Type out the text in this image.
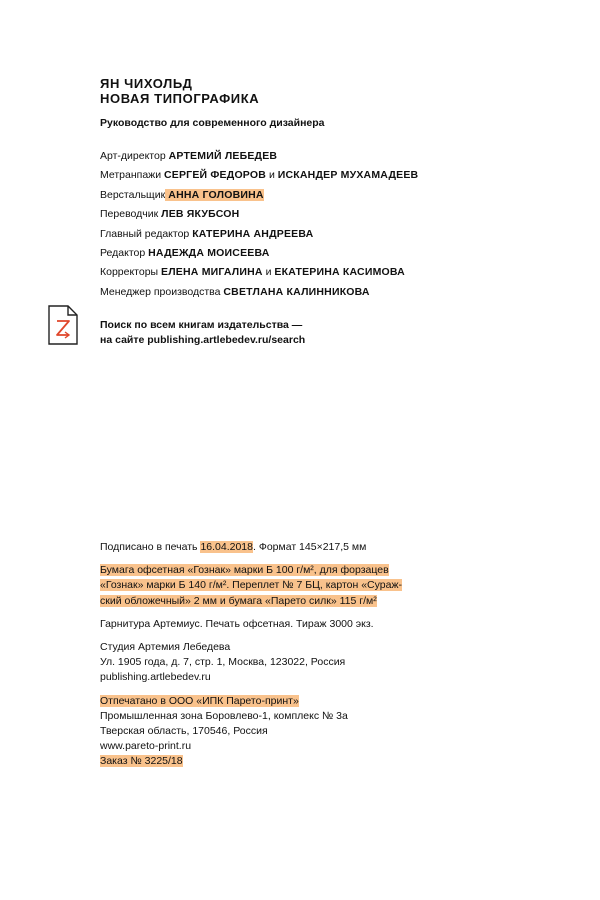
ЯН ЧИХОЛЬД
НОВАЯ ТИПОГРАФИКА
Руководство для современного дизайнера
Арт-директор АРТЕМИЙ ЛЕБЕДЕВ
Метранпажи СЕРГЕЙ ФЕДОРОВ и ИСКАНДЕР МУХАМАДЕЕВ
Верстальщик АННА ГОЛОВИНА
Переводчик ЛЕВ ЯКУБСОН
Главный редактор КАТЕРИНА АНДРЕЕВА
Редактор НАДЕЖДА МОИСЕЕВА
Корректоры ЕЛЕНА МИГАЛИНА и ЕКАТЕРИНА КАСИМОВА
Менеджер производства СВЕТЛАНА КАЛИННИКОВА
Поиск по всем книгам издательства —
на сайте publishing.artlebedev.ru/search
Подписано в печать 16.04.2018. Формат 145×217,5 мм
Бумага офсетная «Гознак» марки Б 100 г/м², для форзацев
«Гознак» марки Б 140 г/м². Переплет № 7 БЦ, картон «Сураж-
ский обложечный» 2 мм и бумага «Парето силк» 115 г/м²
Гарнитура Артемиус. Печать офсетная. Тираж 3000 экз.
Студия Артемия Лебедева
Ул. 1905 года, д. 7, стр. 1, Москва, 123022, Россия
publishing.artlebedev.ru
Отпечатано в ООО «ИПК Парето-принт»
Промышленная зона Боровлево-1, комплекс № 3а
Тверская область, 170546, Россия
www.pareto-print.ru
Заказ № 3225/18
